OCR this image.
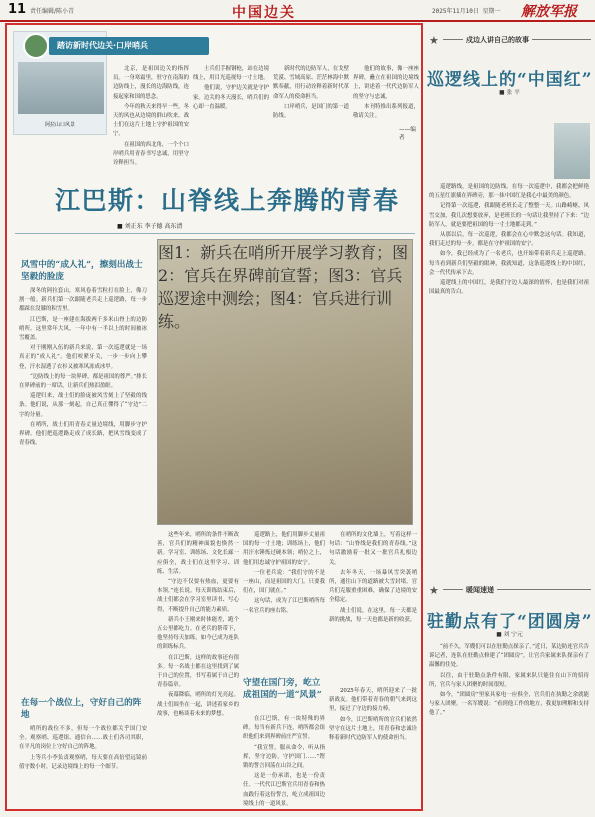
11 责任编辑/陈小青	中国边关	2025年11月10日 星期一 解放军报
阿拉山口风景
踏访新时代边关·口岸哨兵

北京，是祖国边关的指挥员。一身寒霜里，驻守在南海的边防线上，漫长的边海防线，连接起家和国的思念。

今年的秋天来得早一些，冬天的风也从边境的群山吹来，战士们在这片土地上守护祖国的安宁。

在祖国的西北角，一个个口岸哨兵用青春书写忠诚，用坚守诠释担当。

士兵们手握钢枪，站在边境线上，用目光巡视每一寸土地。

他们说，守护边关就是守护家。边关的冬天漫长，哨兵们的心却一直温暖。

新时代的边防军人，在戈壁荒漠、雪域高原、茫茫林海中默默奉献，用行动诠释着新时代革命军人的使命担当。

口岸哨兵，是国门的第一道防线。

他们的故事，像一座座界碑，矗立在祖国的边境线上，讲述着一代代边防军人的坚守与忠诚。

本刊特推出系列报道，敬请关注。

——编者
江巴斯：山脊线上奔腾的青春
■ 刘正东 李子德 高东清
图1：新兵在哨所开展学习教育；图2：官兵在界碑前宣誓；图3：官兵巡逻途中测绘；图4：官兵进行训练。
风雪中的“成人礼”，擦刻出战士坚毅的脸庞

深冬的阿拉套山，寒风卷着雪粒打在脸上，像刀割一般。新兵们第一次跟随老兵走上巡逻路，每一步都踩在没膝的积雪里。

江巴斯，是一座建在海拔两千多米山脊上的边防哨所。这里常年大风，一年中有一半以上的时间被冰雪覆盖。

对于刚刚入伍的新兵来说，第一次巡逻就是一场真正的“成人礼”。他们咬紧牙关，一步一步向上攀登，汗水湿透了衣衫又被寒风冻成冰甲。

“边防线上的每一块界碑，都是祖国的尊严。”排长在界碑前的一席话，让新兵们热泪盈眶。

巡逻归来，战士们的脸庞被风雪刻上了坚毅的线条。他们说，从那一刻起，自己真正懂得了“守边”二字的分量。

在哨所，战士们用青春丈量边境线，用脚步守护界碑。他们把巡逻路走成了成长路，把风雪线变成了青春线。

在每一个战位上，守好自己的阵地

哨所的战位不多，但每一个战位都关乎国门安全。观察哨、巡逻组、通信台……战士们各司其职，在平凡的岗位上守好自己的阵地。

上等兵小李负责观察哨，每天要在高倍望远镜前值守数小时，记录边境线上的每一个细节。

这些年来，哨所的条件不断改善，官兵们的精神面貌也焕然一新。学习室、训练场、文化长廊一应俱全，战士们在这里学习、训练、生活。

“守边不仅要有热血，更要有本领。”连长说。每天训练结束后，战士们都会在学习室里读书、写心得，不断提升自己的能力素质。

新兵小王刚来时体能差，跑个五公里都吃力。在老兵的帮带下，他坚持每天加练，如今已成为连队的训练标兵。

在江巴斯，这样的故事还有很多。每一名战士都在这里找到了属于自己的位置，书写着属于自己的青春篇章。

夜幕降临，哨所的灯光亮起。战士们围坐在一起，讲述着家乡的故事，也畅谈着未来的梦想。

巡逻路上，他们用脚步丈量祖国的每一寸土地；训练场上，他们用汗水锤炼过硬本领；哨位之上，他们用忠诚守护祖国的安宁。

一位老兵说：“我们守的不是一座山，而是祖国的大门。只要我们在，国门就在。”

这句话，成为了江巴斯哨所每一名官兵的座右铭。

守望在国门旁，屹立成祖国的一道“风景”

在江巴斯，有一块特殊的界碑。每当有新兵下连，哨所都会组织他们来到界碑前庄严宣誓。

“我宣誓，服从命令，听从指挥，坚守边防，守护国门……”铿锵的誓言回荡在山谷之间。

这是一份承诺，也是一份责任。一代代江巴斯官兵用青春和热血践行着这份誓言，屹立成祖国边境线上的一道风景。

在哨所的文化墙上，写着这样一句话：“山脊线是我们的青春线。”这句话激励着一批又一批官兵扎根边关。

去年冬天，一场暴风雪突袭哨所，通往山下的道路被大雪封堵。官兵们克服重重困难，确保了边境的安全稳定。

战士们说，在这里，每一天都是新的挑战，每一天也都是新的收获。

2025年春天，哨所迎来了一批新战友。他们带着青春的朝气来到这里，接过了守边的接力棒。

如今，江巴斯哨所的官兵们依然坚守在这片土地上，用青春和忠诚诠释着新时代边防军人的使命担当。

★	戍边人讲自己的故事
巡逻线上的“中国红”
■ 张 平

巡逻路线，是祖国的边防线。在每一次巡逻中，我都会把鲜艳的五星红旗插在界碑旁，那一抹中国红是我心中最美的颜色。

记得第一次巡逻，我跟随老班长走了整整一天。山路崎岖，风雪交加，我几次想要放弃，是老班长的一句话让我坚持了下来：“边防军人，就是要把祖国的每一寸土地都走到。”

从那以后，每一次巡逻，我都会在心中默念这句话。我知道，我们走过的每一步，都是在守护祖国的安宁。

如今，我已经成为了一名老兵，也开始带着新兵走上巡逻路。每当看到新兵们坚毅的眼神，我就知道，这条巡逻线上的中国红，会一代代传承下去。

巡逻线上的中国红，是我们守边人最深的情怀，也是我们对祖国最真的告白。

★	暖闻速递
驻勤点有了“团圆房”
■ 刘 宁元

“前不久，军嫂们可以在驻勤点探亲了。”近日，某边防连官兵告诉记者，连队在驻勤点修建了“团圆房”，让官兵家属来队探亲有了温馨的住处。

以往，由于驻勤点条件有限，家属来队只能住在山下的招待所，官兵与家人团聚的时间很短。

如今，“团圆房”里家具家电一应俱全，官兵们在执勤之余就能与家人团聚。一名军嫂说：“看到他工作的地方，我更加理解和支持他了。”
